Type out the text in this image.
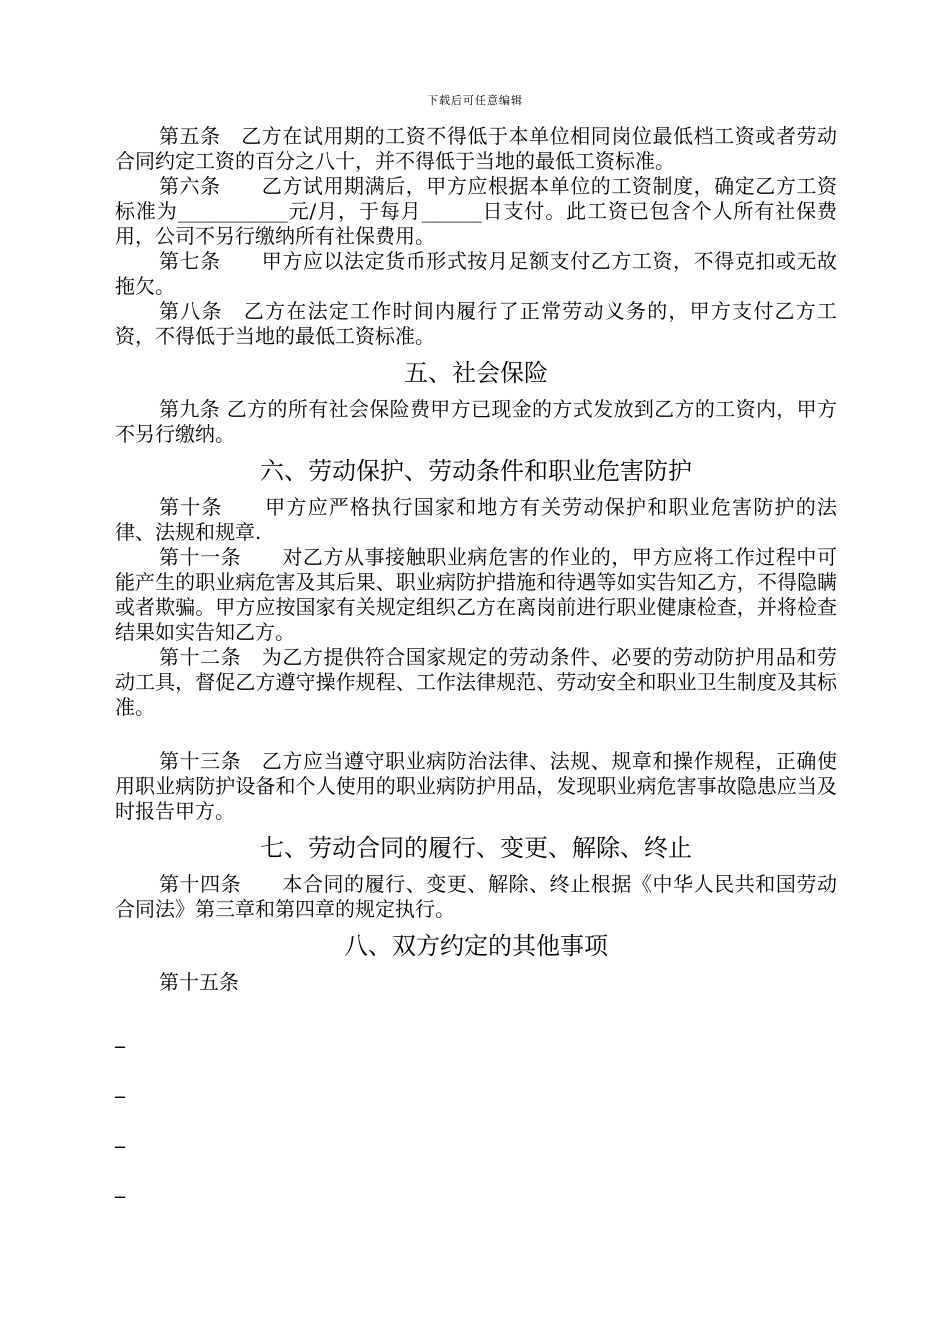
下载后可任意编辑

第五条　乙方在试用期的工资不得低于本单位相同岗位最低档工资或者劳动合同约定工资的百分之八十，并不得低于当地的最低工资标准。

第六条　　乙方试用期满后，甲方应根据本单位的工资制度，确定乙方工资标准为___________元/月，于每月______日支付。此工资已包含个人所有社保费用，公司不另行缴纳所有社保费用。

第七条　　甲方应以法定货币形式按月足额支付乙方工资，不得克扣或无故拖欠。

第八条　乙方在法定工作时间内履行了正常劳动义务的，甲方支付乙方工资，不得低于当地的最低工资标准。

五、社会保险

第九条 乙方的所有社会保险费甲方已现金的方式发放到乙方的工资内，甲方不另行缴纳。

六、劳动保护、劳动条件和职业危害防护

第十条　　甲方应严格执行国家和地方有关劳动保护和职业危害防护的法律、法规和规章.

第十一条　　对乙方从事接触职业病危害的作业的，甲方应将工作过程中可能产生的职业病危害及其后果、职业病防护措施和待遇等如实告知乙方，不得隐瞒或者欺骗。甲方应按国家有关规定组织乙方在离岗前进行职业健康检查，并将检查结果如实告知乙方。

第十二条　为乙方提供符合国家规定的劳动条件、必要的劳动防护用品和劳动工具，督促乙方遵守操作规程、工作法律规范、劳动安全和职业卫生制度及其标准。

第十三条　乙方应当遵守职业病防治法律、法规、规章和操作规程，正确使用职业病防护设备和个人使用的职业病防护用品，发现职业病危害事故隐患应当及时报告甲方。

七、劳动合同的履行、变更、解除、终止

第十四条　　本合同的履行、变更、解除、终止根据《中华人民共和国劳动合同法》第三章和第四章的规定执行。

八、双方约定的其他事项

第十五条

_

_

_

_
